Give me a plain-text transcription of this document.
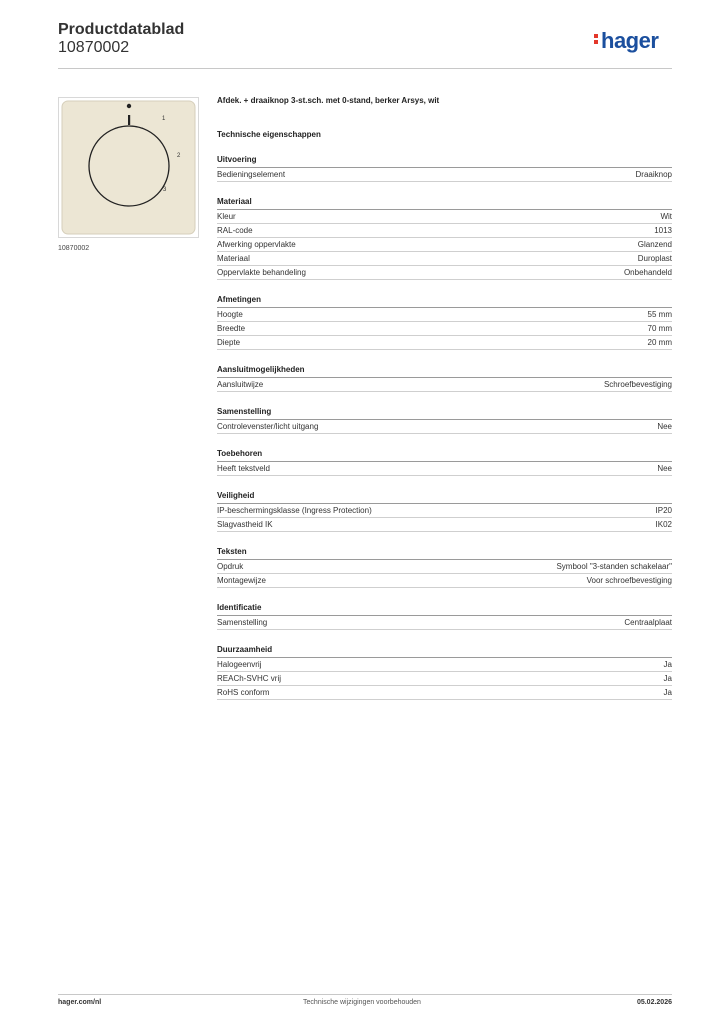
Productdatablad
10870002	hager
1
2
3
10870002
Afdek. + draaiknop 3-st.sch. met 0-stand, berker Arsys, wit
Technische eigenschappen
Uitvoering
Bedieningselement	Draaiknop
Materiaal
Kleur	Wit
RAL-code	1013
Afwerking oppervlakte	Glanzend
Materiaal	Duroplast
Oppervlakte behandeling	Onbehandeld
Afmetingen
Hoogte	55 mm
Breedte	70 mm
Diepte	20 mm
Aansluitmogelijkheden
Aansluitwijze	Schroefbevestiging
Samenstelling
Controlevenster/licht uitgang	Nee
Toebehoren
Heeft tekstveld	Nee
Veiligheid
IP-beschermingsklasse (Ingress Protection)	IP20
Slagvastheid IK	IK02
Teksten
Opdruk	Symbool "3-standen schakelaar"
Montagewijze	Voor schroefbevestiging
Identificatie
Samenstelling	Centraalplaat
Duurzaamheid
Halogeenvrij	Ja
REACh-SVHC vrij	Ja
RoHS conform	Ja
hager.com/nl	Technische wijzigingen voorbehouden	05.02.2026
